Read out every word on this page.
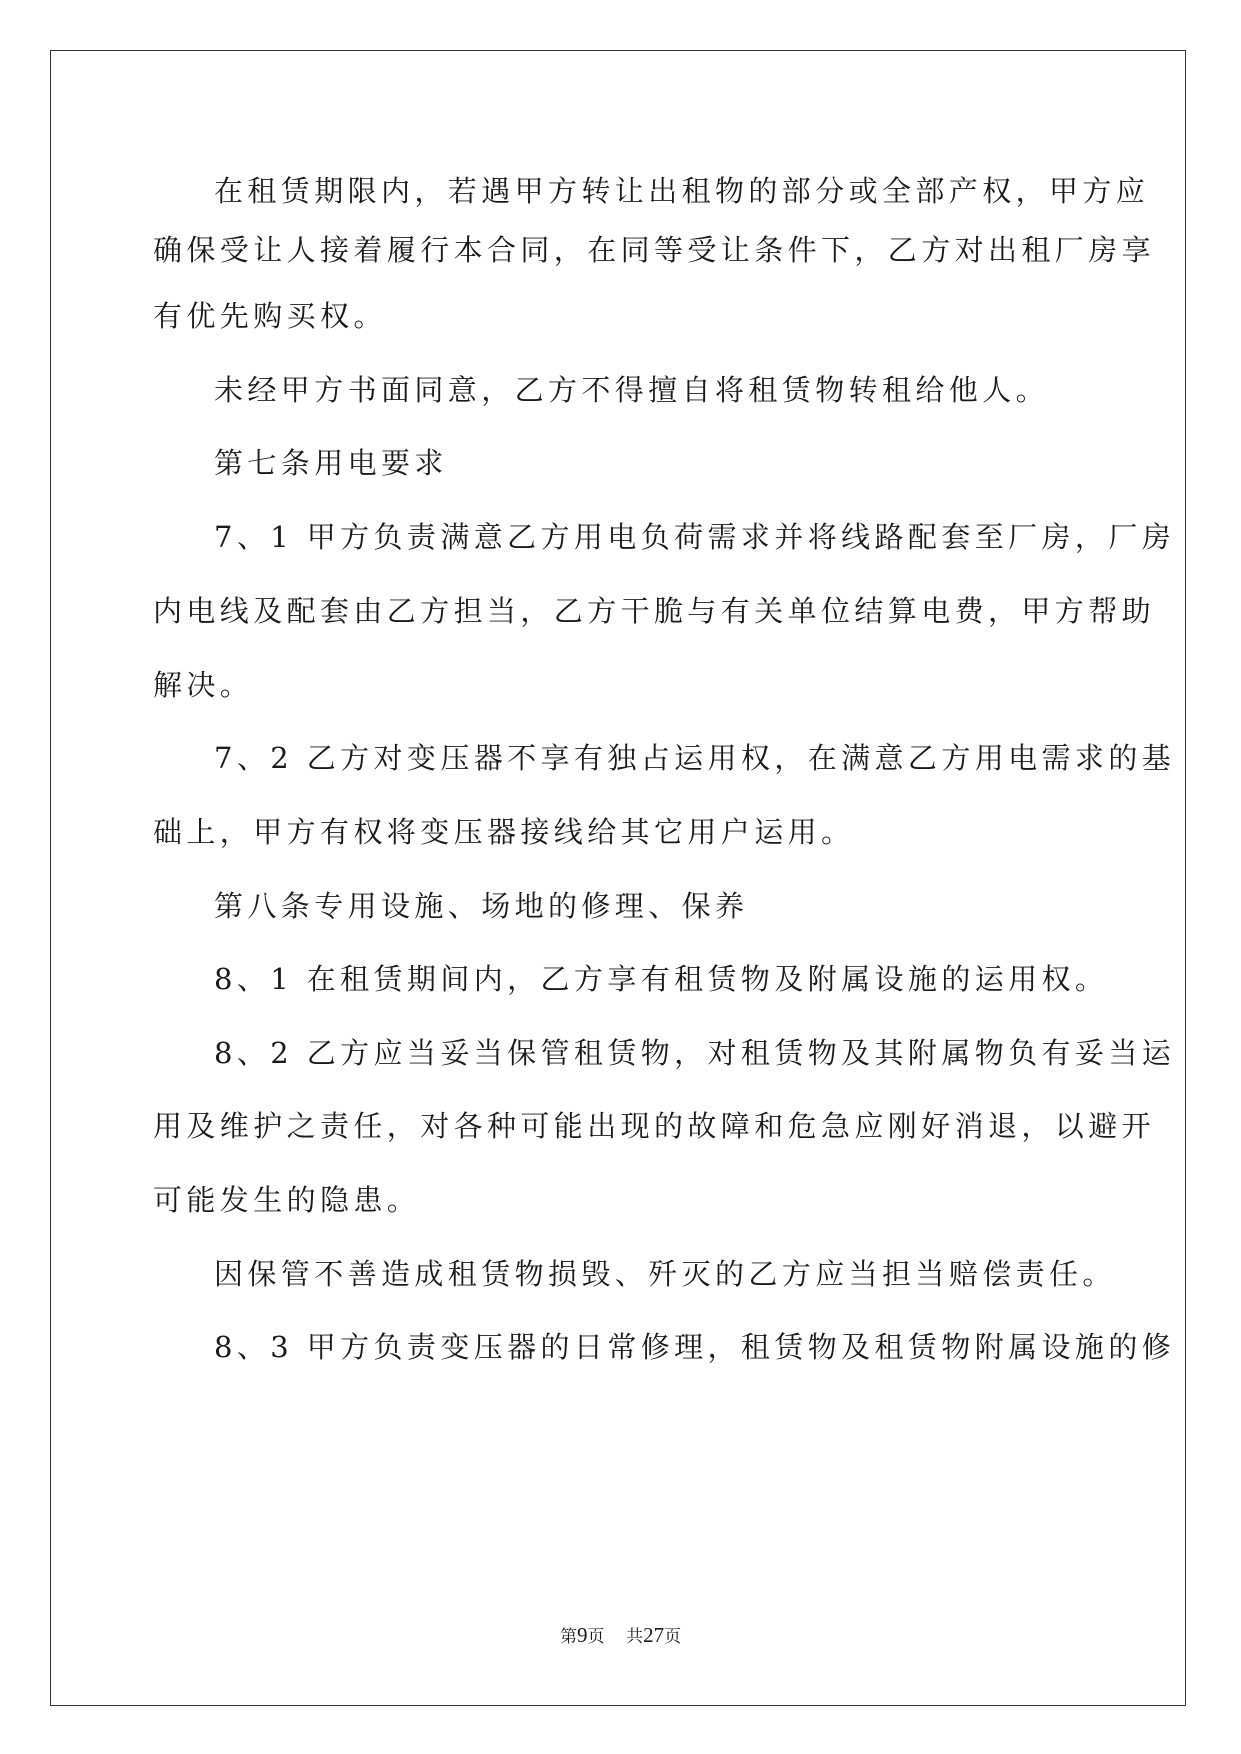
在租赁期限内，若遇甲方转让出租物的部分或全部产权，甲方应
确保受让人接着履行本合同，在同等受让条件下，乙方对出租厂房享
有优先购买权。
未经甲方书面同意，乙方不得擅自将租赁物转租给他人。
第七条用电要求
7、1 甲方负责满意乙方用电负荷需求并将线路配套至厂房，厂房
内电线及配套由乙方担当，乙方干脆与有关单位结算电费，甲方帮助
解决。
7、2 乙方对变压器不享有独占运用权，在满意乙方用电需求的基
础上，甲方有权将变压器接线给其它用户运用。
第八条专用设施、场地的修理、保养
8、1 在租赁期间内，乙方享有租赁物及附属设施的运用权。
8、2 乙方应当妥当保管租赁物，对租赁物及其附属物负有妥当运
用及维护之责任，对各种可能出现的故障和危急应刚好消退，以避开
可能发生的隐患。
因保管不善造成租赁物损毁、歼灭的乙方应当担当赔偿责任。
8、3 甲方负责变压器的日常修理，租赁物及租赁物附属设施的修
第9页 共27页
